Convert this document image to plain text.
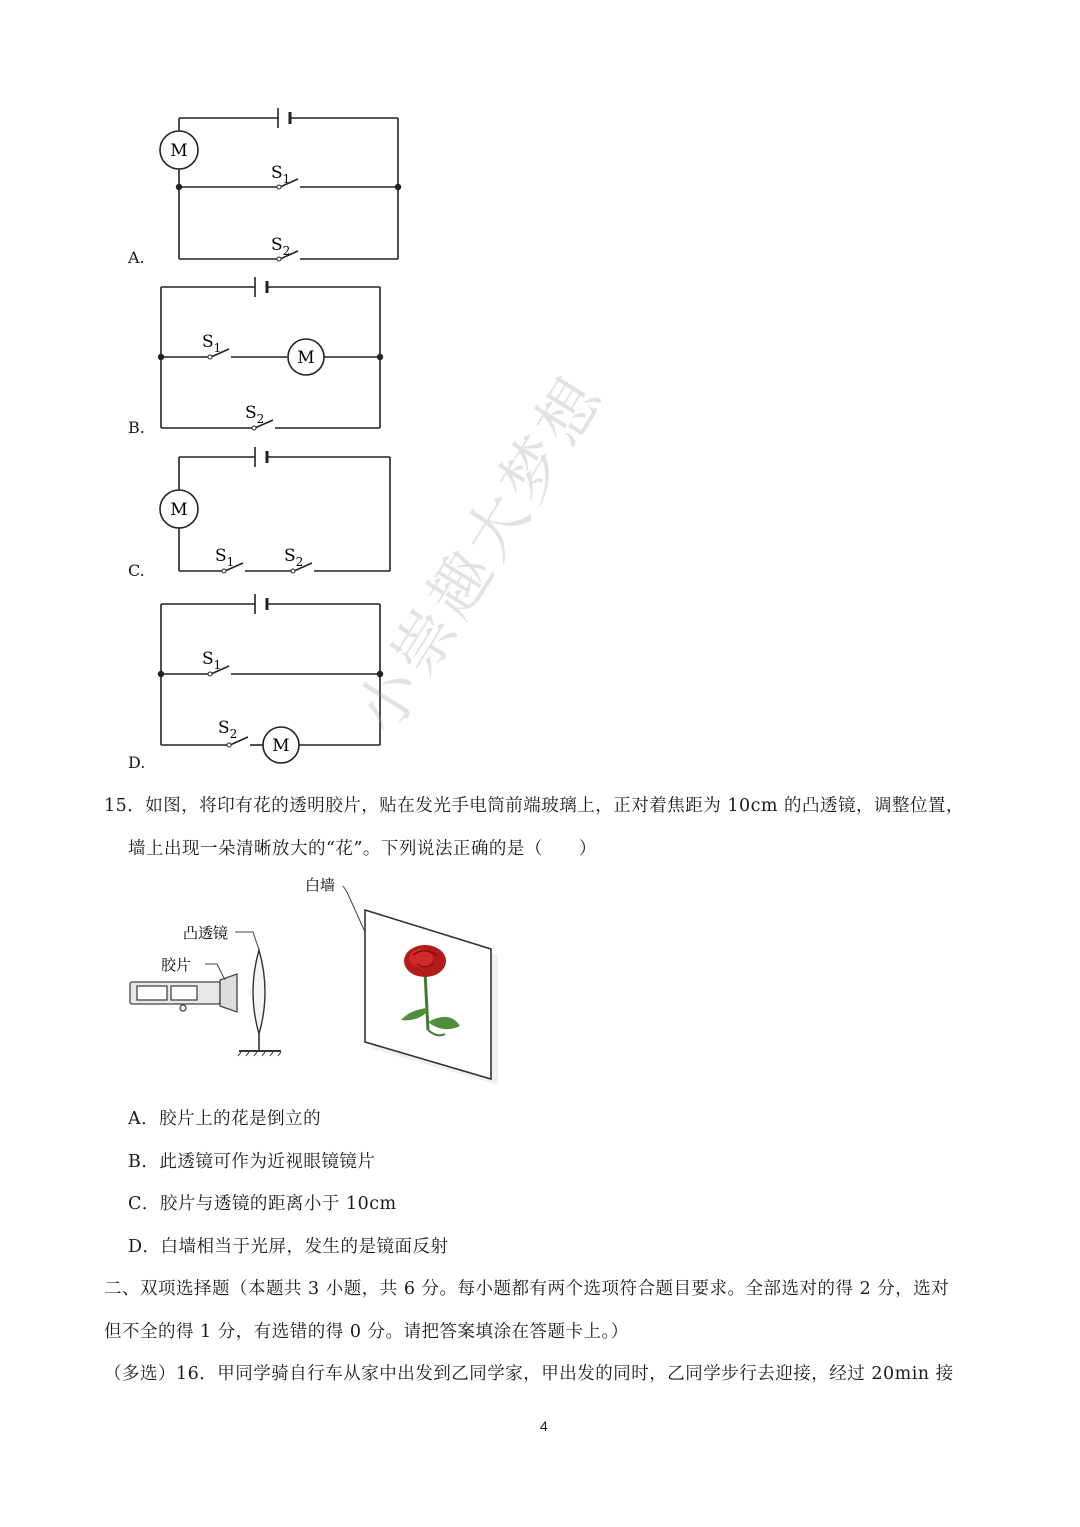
M
$S_1$
$S_2$
A.
M
$S_1$
$S_2$
B.
M
$S_1$	$S_2$
C.
M
$S_1$
$S_2$
D.
小崇趣大梦想
15．如图，将印有花的透明胶片，贴在发光手电筒前端玻璃上，正对着焦距为 10cm 的凸透镜，调整位置，
墙上出现一朵清晰放大的“花”。下列说法正确的是（　　）
胶片
凸透镜
白墙
A．胶片上的花是倒立的
B．此透镜可作为近视眼镜镜片
C．胶片与透镜的距离小于 10cm
D．白墙相当于光屏，发生的是镜面反射
二、双项选择题（本题共 3 小题，共 6 分。每小题都有两个选项符合题目要求。全部选对的得 2 分，选对
但不全的得 1 分，有选错的得 0 分。请把答案填涂在答题卡上。）
（多选）16．甲同学骑自行车从家中出发到乙同学家，甲出发的同时，乙同学步行去迎接，经过 20min 接
4
